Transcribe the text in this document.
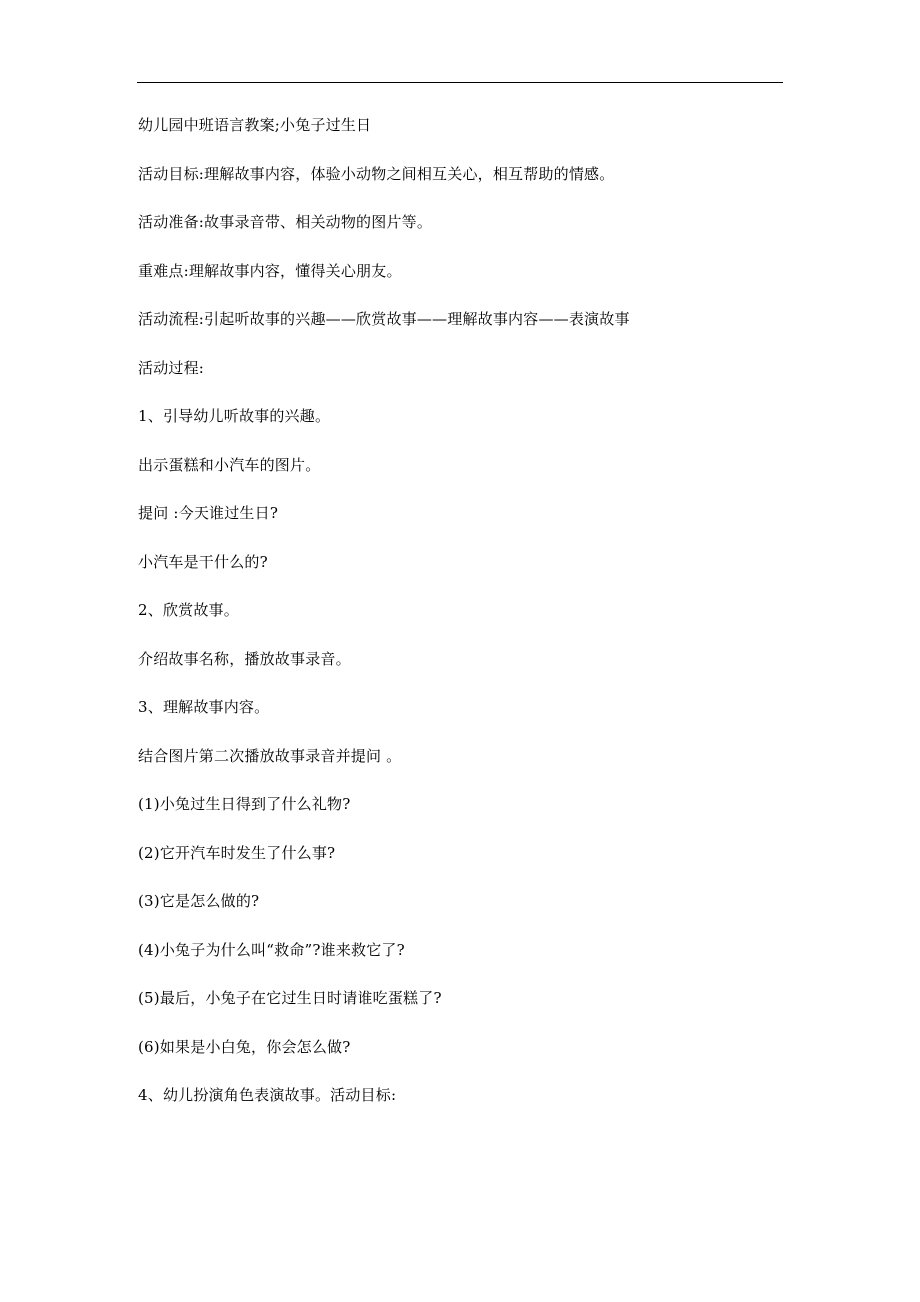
幼儿园中班语言教案;小兔子过生日
活动目标:理解故事内容，体验小动物之间相互关心，相互帮助的情感。
活动准备:故事录音带、相关动物的图片等。
重难点:理解故事内容，懂得关心朋友。
活动流程:引起听故事的兴趣——欣赏故事——理解故事内容——表演故事
活动过程:
1、引导幼儿听故事的兴趣。
出示蛋糕和小汽车的图片。
提问 :今天谁过生日?
小汽车是干什么的?
2、欣赏故事。
介绍故事名称，播放故事录音。
3、理解故事内容。
结合图片第二次播放故事录音并提问 。
(1)小兔过生日得到了什么礼物?
(2)它开汽车时发生了什么事?
(3)它是怎么做的?
(4)小兔子为什么叫“救命”?谁来救它了?
(5)最后，小兔子在它过生日时请谁吃蛋糕了?
(6)如果是小白兔，你会怎么做?
4、幼儿扮演角色表演故事。活动目标:
